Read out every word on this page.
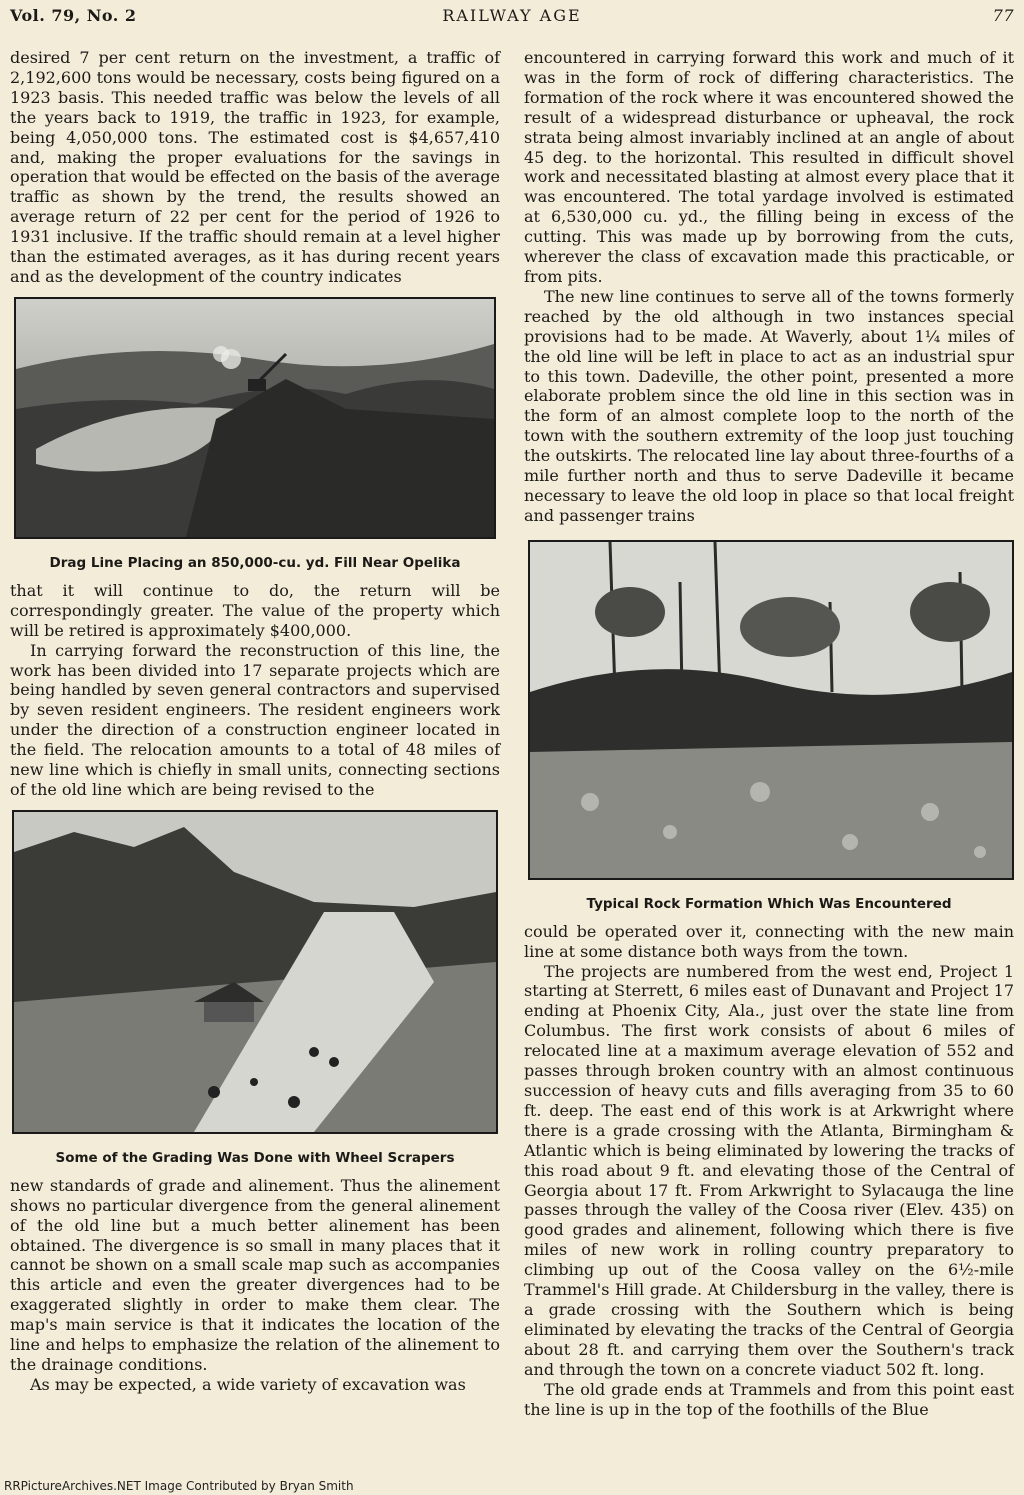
Vol. 79, No. 2	RAILWAY AGE	77

desired 7 per cent return on the investment, a traffic of 2,192,600 tons would be necessary, costs being figured on a 1923 basis. This needed traffic was below the levels of all the years back to 1919, the traffic in 1923, for example, being 4,050,000 tons. The estimated cost is $4,657,410 and, making the proper evaluations for the savings in operation that would be effected on the basis of the average traffic as shown by the trend, the results showed an average return of 22 per cent for the period of 1926 to 1931 inclusive. If the traffic should remain at a level higher than the estimated averages, as it has during recent years and as the development of the country indicates

Drag Line Placing an 850,000-cu. yd. Fill Near Opelika

that it will continue to do, the return will be correspondingly greater. The value of the property which will be retired is approximately $400,000.

In carrying forward the reconstruction of this line, the work has been divided into 17 separate projects which are being handled by seven general contractors and supervised by seven resident engineers. The resident engineers work under the direction of a construction engineer located in the field. The relocation amounts to a total of 48 miles of new line which is chiefly in small units, connecting sections of the old line which are being revised to the

Some of the Grading Was Done with Wheel Scrapers

new standards of grade and alinement. Thus the alinement shows no particular divergence from the general alinement of the old line but a much better alinement has been obtained. The divergence is so small in many places that it cannot be shown on a small scale map such as accompanies this article and even the greater divergences had to be exaggerated slightly in order to make them clear. The map's main service is that it indicates the location of the line and helps to emphasize the relation of the alinement to the drainage conditions.

As may be expected, a wide variety of excavation was

encountered in carrying forward this work and much of it was in the form of rock of differing characteristics. The formation of the rock where it was encountered showed the result of a widespread disturbance or upheaval, the rock strata being almost invariably inclined at an angle of about 45 deg. to the horizontal. This resulted in difficult shovel work and necessitated blasting at almost every place that it was encountered. The total yardage involved is estimated at 6,530,000 cu. yd., the filling being in excess of the cutting. This was made up by borrowing from the cuts, wherever the class of excavation made this practicable, or from pits.

The new line continues to serve all of the towns formerly reached by the old although in two instances special provisions had to be made. At Waverly, about 1¼ miles of the old line will be left in place to act as an industrial spur to this town. Dadeville, the other point, presented a more elaborate problem since the old line in this section was in the form of an almost complete loop to the north of the town with the southern extremity of the loop just touching the outskirts. The relocated line lay about three-fourths of a mile further north and thus to serve Dadeville it became necessary to leave the old loop in place so that local freight and passenger trains

Typical Rock Formation Which Was Encountered

could be operated over it, connecting with the new main line at some distance both ways from the town.

The projects are numbered from the west end, Project 1 starting at Sterrett, 6 miles east of Dunavant and Project 17 ending at Phoenix City, Ala., just over the state line from Columbus. The first work consists of about 6 miles of relocated line at a maximum average elevation of 552 and passes through broken country with an almost continuous succession of heavy cuts and fills averaging from 35 to 60 ft. deep. The east end of this work is at Arkwright where there is a grade crossing with the Atlanta, Birmingham & Atlantic which is being eliminated by lowering the tracks of this road about 9 ft. and elevating those of the Central of Georgia about 17 ft. From Arkwright to Sylacauga the line passes through the valley of the Coosa river (Elev. 435) on good grades and alinement, following which there is five miles of new work in rolling country preparatory to climbing up out of the Coosa valley on the 6½-mile Trammel's Hill grade. At Childersburg in the valley, there is a grade crossing with the Southern which is being eliminated by elevating the tracks of the Central of Georgia about 28 ft. and carrying them over the Southern's track and through the town on a concrete viaduct 502 ft. long.

The old grade ends at Trammels and from this point east the line is up in the top of the foothills of the Blue

RRPictureArchives.NET Image Contributed by Bryan Smith
